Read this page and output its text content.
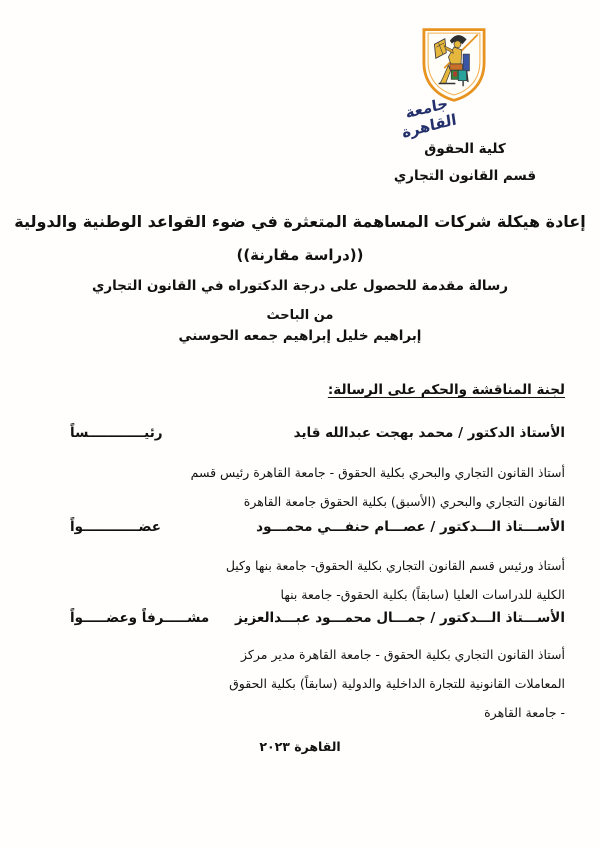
جامعة القاهرة
كلية الحقوق
قسم القانون التجاري
إعادة هيكلة شركات المساهمة المتعثرة في ضوء القواعد الوطنية والدولية
((دراسة مقارنة))
رسالة مقدمة للحصول على درجة الدكتوراه في القانون التجاري
من الباحث
إبراهيم خليل إبراهيم جمعه الحوسني
لجنة المناقشة والحكم على الرسالة:
الأستاذ الدكتور / محمد بهجت عبدالله قايد
رئيــــــــــــساً
أستاذ القانون التجاري والبحري بكلية الحقوق - جامعة القاهرة رئيس قسم
القانون التجاري والبحري (الأسبق) بكلية الحقوق جامعة القاهرة
الأســـتاذ الـــدكتور / عصـــام حنفـــي محمـــود
عضــــــــــــواً
أستاذ ورئيس قسم القانون التجاري بكلية الحقوق- جامعة بنها وكيل
الكلية للدراسات العليا (سابقاً) بكلية الحقوق- جامعة بنها
الأســـتاذ الـــدكتور / جمـــال محمـــود عبـــدالعزيز
مشـــــرفاً وعضـــــواً
أستاذ القانون التجاري بكلية الحقوق - جامعة القاهرة مدير مركز
المعاملات القانونية للتجارة الداخلية والدولية (سابقاً) بكلية الحقوق
- جامعة القاهرة
القاهرة ٢٠٢٣
